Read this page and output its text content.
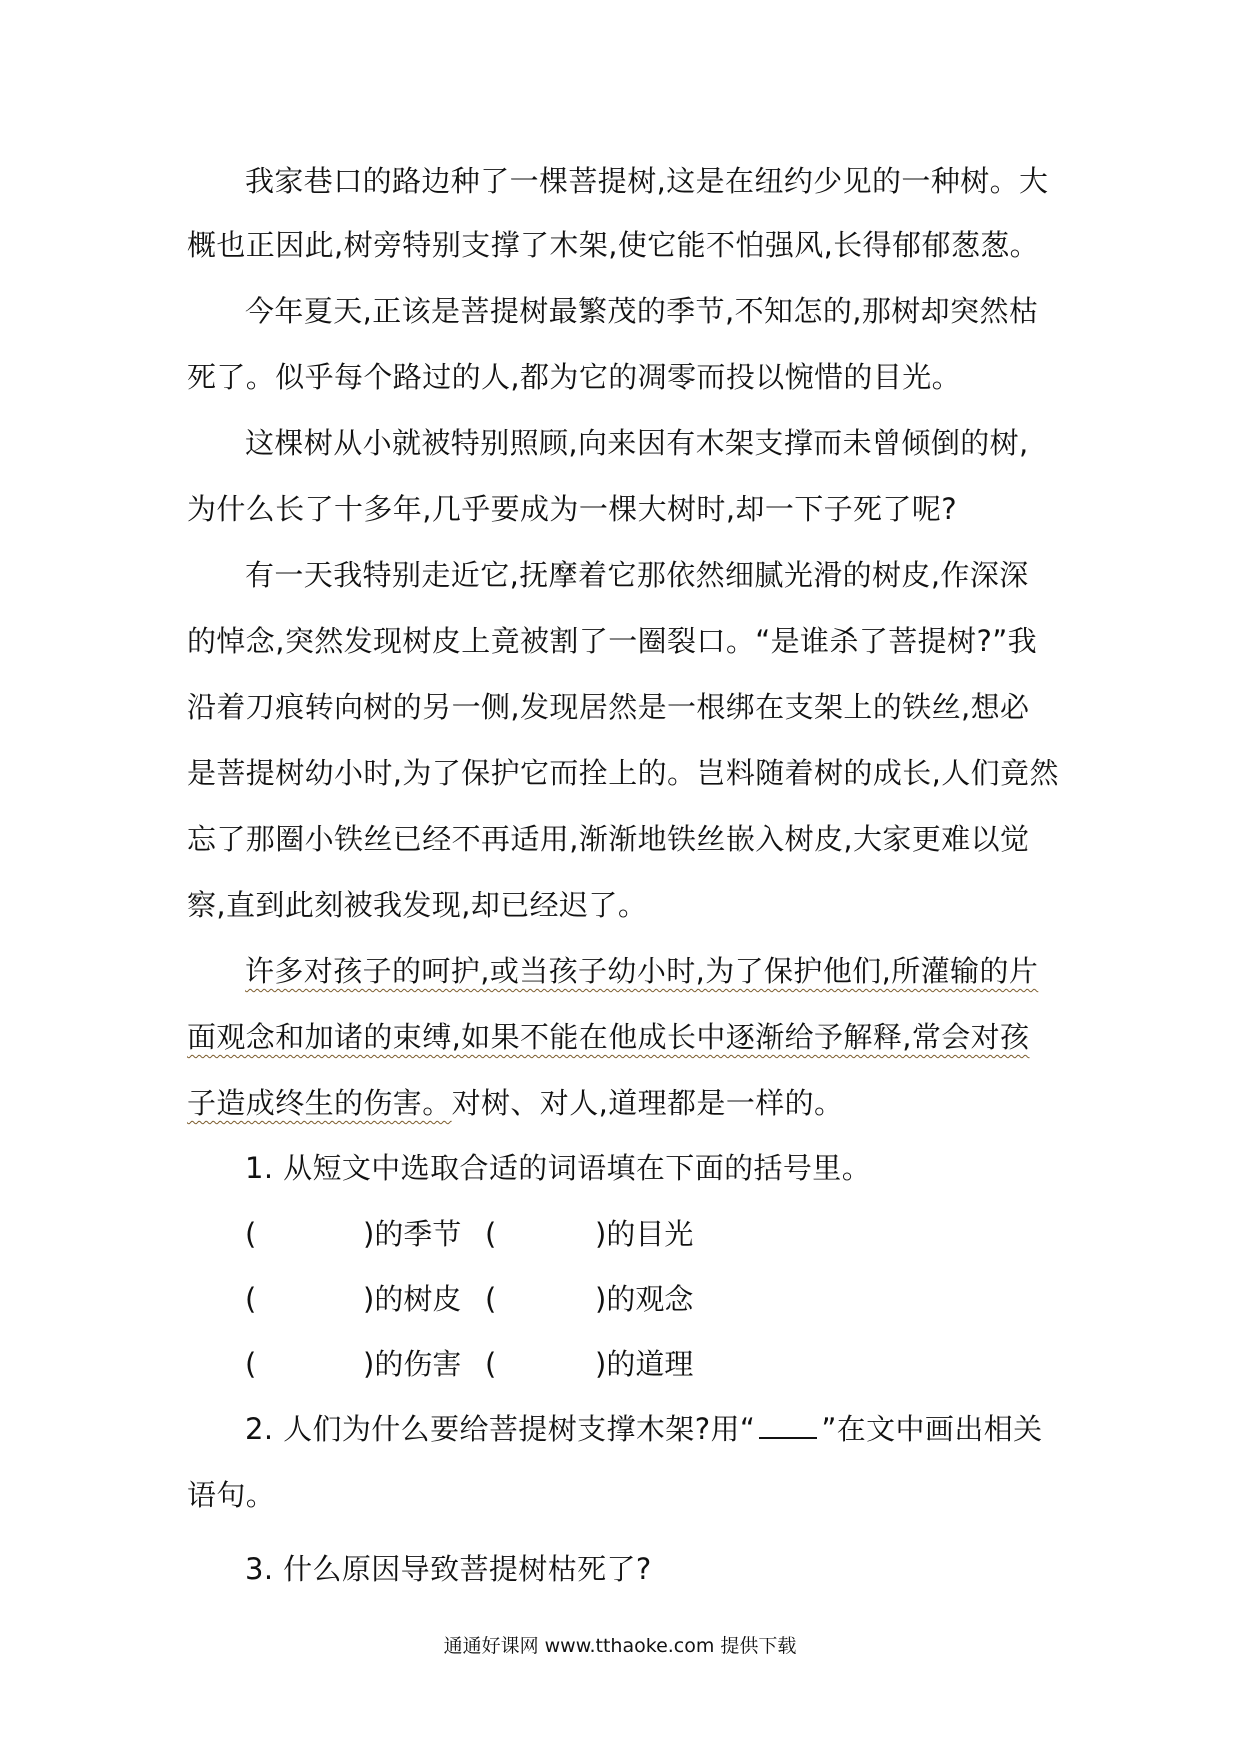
我家巷口的路边种了一棵菩提树,这是在纽约少见的一种树。大
概也正因此,树旁特别支撑了木架,使它能不怕强风,长得郁郁葱葱。
今年夏天,正该是菩提树最繁茂的季节,不知怎的,那树却突然枯
死了。似乎每个路过的人,都为它的凋零而投以惋惜的目光。
这棵树从小就被特别照顾,向来因有木架支撑而未曾倾倒的树,
为什么长了十多年,几乎要成为一棵大树时,却一下子死了呢?
有一天我特别走近它,抚摩着它那依然细腻光滑的树皮,作深深
的悼念,突然发现树皮上竟被割了一圈裂口。“是谁杀了菩提树?”我
沿着刀痕转向树的另一侧,发现居然是一根绑在支架上的铁丝,想必
是菩提树幼小时,为了保护它而拴上的。岂料随着树的成长,人们竟然
忘了那圈小铁丝已经不再适用,渐渐地铁丝嵌入树皮,大家更难以觉
察,直到此刻被我发现,却已经迟了。
许多对孩子的呵护,或当孩子幼小时,为了保护他们,所灌输的片
面观念和加诸的束缚,如果不能在他成长中逐渐给予解释,常会对孩
子造成终生的伤害。对树、对人,道理都是一样的。
1. 从短文中选取合适的词语填在下面的括号里。
(	)的季节 (	)的目光
(	)的树皮 (	)的观念
(	)的伤害 (	)的道理
2. 人们为什么要给菩提树支撑木架?用“ ”在文中画出相关
语句。
3. 什么原因导致菩提树枯死了?
通通好课网 www.tthaoke.com 提供下载
